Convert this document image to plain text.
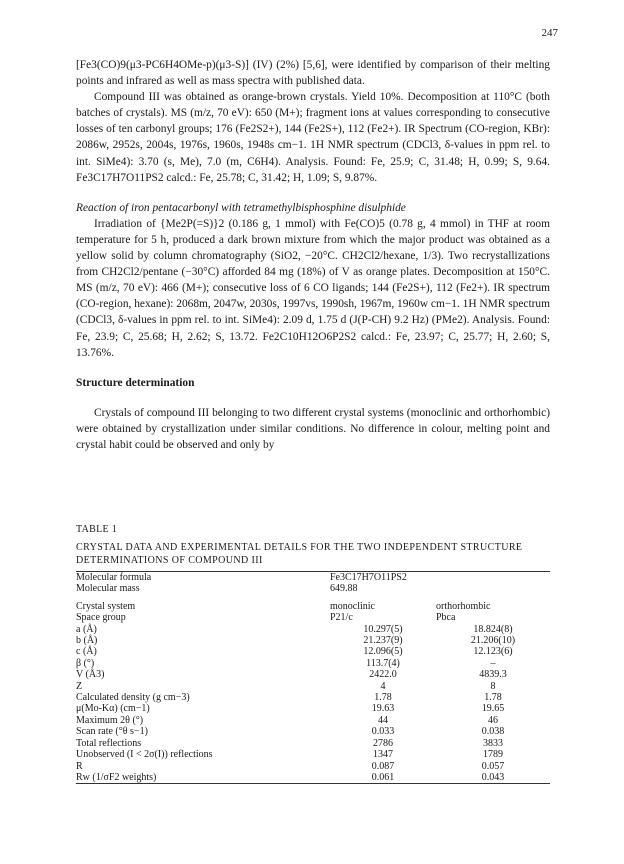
247

[Fe3(CO)9(μ3-PC6H4OMe-p)(μ3-S)] (IV) (2%) [5,6], were identified by comparison of their melting points and infrared as well as mass spectra with published data.

Compound III was obtained as orange-brown crystals. Yield 10%. Decomposition at 110°C (both batches of crystals). MS (m/z, 70 eV): 650 (M+); fragment ions at values corresponding to consecutive losses of ten carbonyl groups; 176 (Fe2S2+), 144 (Fe2S+), 112 (Fe2+). IR Spectrum (CO-region, KBr): 2086w, 2952s, 2004s, 1976s, 1960s, 1948s cm−1. 1H NMR spectrum (CDCl3, δ-values in ppm rel. to int. SiMe4): 3.70 (s, Me), 7.0 (m, C6H4). Analysis. Found: Fe, 25.9; C, 31.48; H, 0.99; S, 9.64. Fe3C17H7O11PS2 calcd.: Fe, 25.78; C, 31.42; H, 1.09; S, 9.87%.

Reaction of iron pentacarbonyl with tetramethylbisphosphine disulphide

Irradiation of {Me2P(=S)}2 (0.186 g, 1 mmol) with Fe(CO)5 (0.78 g, 4 mmol) in THF at room temperature for 5 h, produced a dark brown mixture from which the major product was obtained as a yellow solid by column chromatography (SiO2, −20°C. CH2Cl2/hexane, 1/3). Two recrystallizations from CH2Cl2/pentane (−30°C) afforded 84 mg (18%) of V as orange plates. Decomposition at 150°C. MS (m/z, 70 eV): 466 (M+); consecutive loss of 6 CO ligands; 144 (Fe2S+), 112 (Fe2+). IR spectrum (CO-region, hexane): 2068m, 2047w, 2030s, 1997vs, 1990sh, 1967m, 1960w cm−1. 1H NMR spectrum (CDCl3, δ-values in ppm rel. to int. SiMe4): 2.09 d, 1.75 d (J(P-CH) 9.2 Hz) (PMe2). Analysis. Found: Fe, 23.9; C, 25.68; H, 2.62; S, 13.72. Fe2C10H12O6P2S2 calcd.: Fe, 23.97; C, 25.77; H, 2.60; S, 13.76%.

Structure determination

Crystals of compound III belonging to two different crystal systems (monoclinic and orthorhombic) were obtained by crystallization under similar conditions. No difference in colour, melting point and crystal habit could be observed and only by

TABLE 1

CRYSTAL DATA AND EXPERIMENTAL DETAILS FOR THE TWO INDEPENDENT STRUCTURE DETERMINATIONS OF COMPOUND III

Molecular formula	Fe3C17H7O11PS2	
Molecular mass	649.88	

Crystal system	monoclinic	orthorhombic
Space group	P21/c	Pbca
a (Å)	10.297(5)	18.824(8)
b (Å)	21.237(9)	21.206(10)
c (Å)	12.096(5)	12.123(6)
β (°)	113.7(4)	–
V (Å3)	2422.0	4839.3
Z	4	8
Calculated density (g cm−3)	1.78	1.78
μ(Mo-Kα) (cm−1)	19.63	19.65
Maximum 2θ (°)	44	46
Scan rate (°θ s−1)	0.033	0.038
Total reflections	2786	3833
Unobserved (I < 2σ(I)) reflections	1347	1789
R	0.087	0.057
Rw (1/σF2 weights)	0.061	0.043
